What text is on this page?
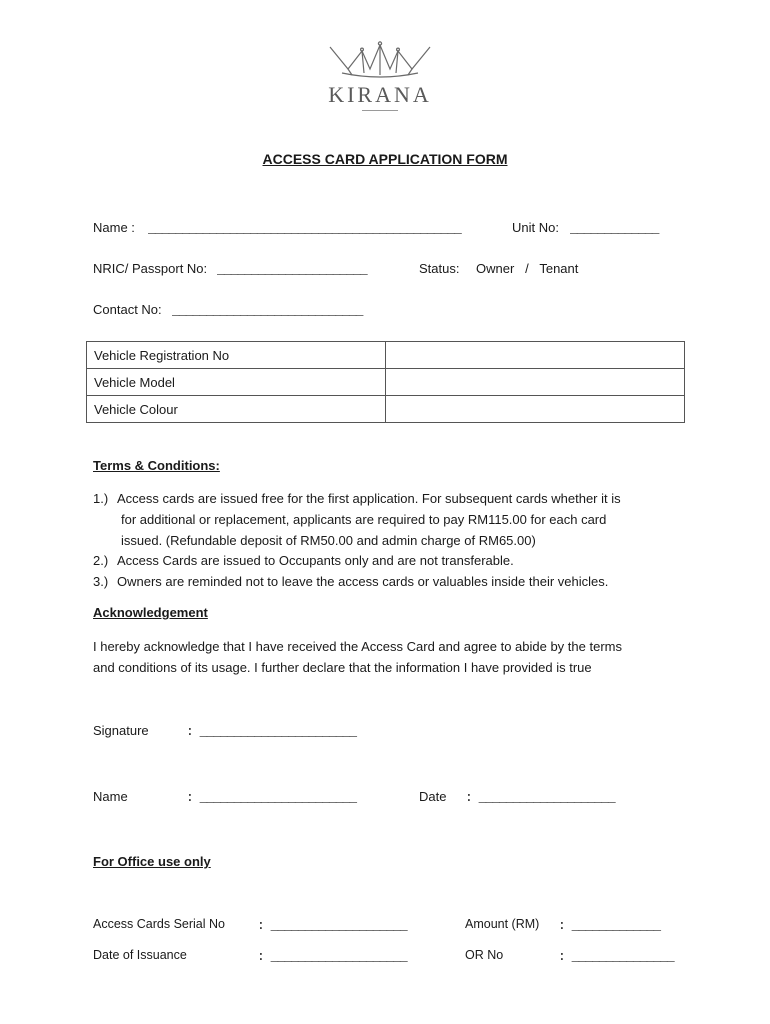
KIRANA
ACCESS CARD APPLICATION FORM
Name : ______________________________________________	Unit No: _____________
NRIC/ Passport No: ______________________	Status: Owner   /   Tenant
Contact No: ____________________________
Vehicle Registration No	
Vehicle Model	
Vehicle Colour	
Terms & Conditions:
1.) Access cards are issued free for the first application. For subsequent cards whether it is
for additional or replacement, applicants are required to pay RM115.00 for each card
issued. (Refundable deposit of RM50.00 and admin charge of RM65.00)
2.) Access Cards are issued to Occupants only and are not transferable.
3.) Owners are reminded not to leave the access cards or valuables inside their vehicles.
Acknowledgement
I hereby acknowledge that I have received the Access Card and agree to abide by the terms
and conditions of its usage. I further declare that the information I have provided is true
Signature	: _______________________
Name	: _______________________	Date : ____________________
For Office use only
Access Cards Serial No : ____________________	Amount (RM) : _____________
Date of Issuance	: ____________________	OR No	: _______________
